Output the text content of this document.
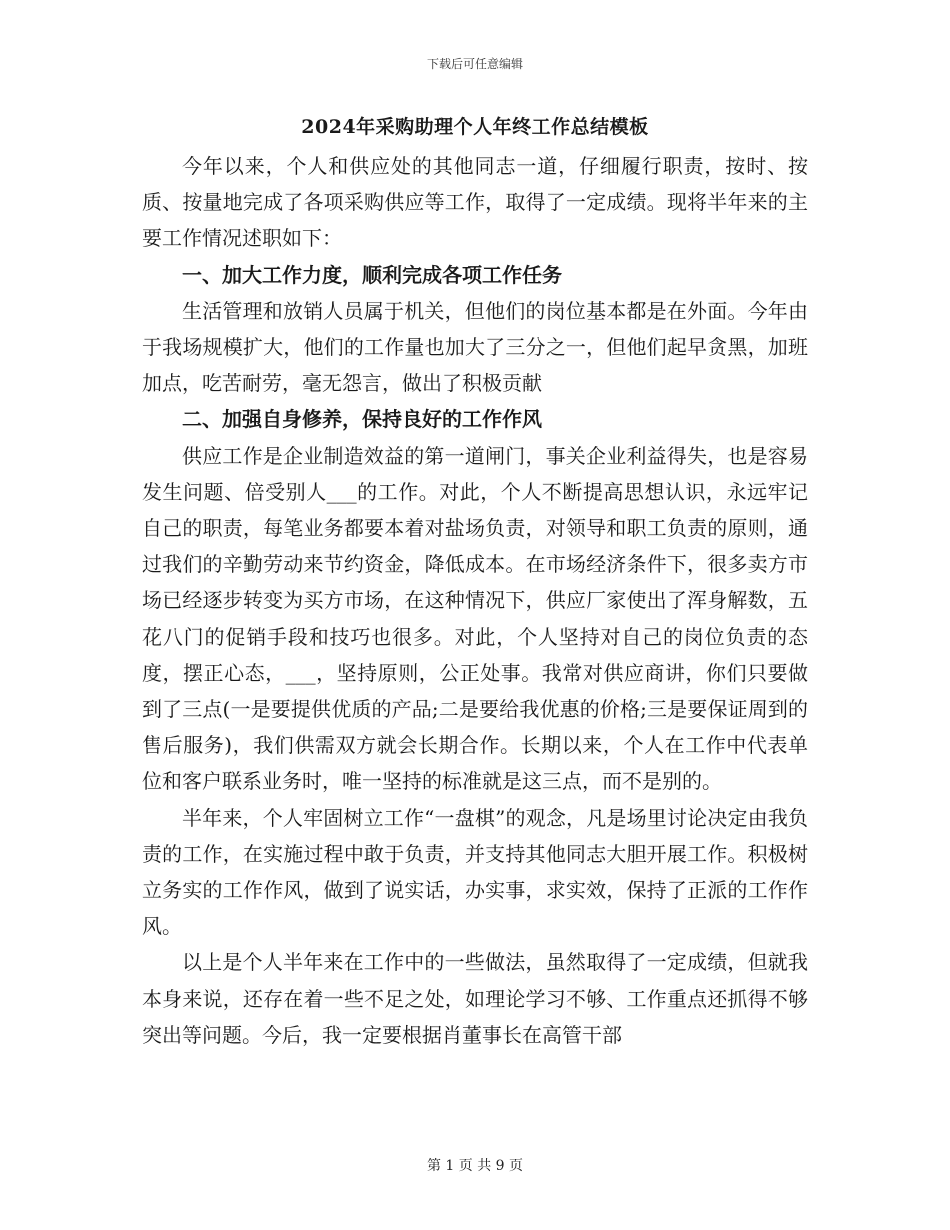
下载后可任意编辑
2024年采购助理个人年终工作总结模板

今年以来，个人和供应处的其他同志一道，仔细履行职责，按时、按质、按量地完成了各项采购供应等工作，取得了一定成绩。现将半年来的主要工作情况述职如下：

一、加大工作力度，顺利完成各项工作任务

生活管理和放销人员属于机关，但他们的岗位基本都是在外面。今年由于我场规模扩大，他们的工作量也加大了三分之一，但他们起早贪黑，加班加点，吃苦耐劳，毫无怨言，做出了积极贡献

二、加强自身修养，保持良好的工作作风

供应工作是企业制造效益的第一道闸门，事关企业利益得失，也是容易发生问题、倍受别人___的工作。对此，个人不断提高思想认识，永远牢记自己的职责，每笔业务都要本着对盐场负责，对领导和职工负责的原则，通过我们的辛勤劳动来节约资金，降低成本。在市场经济条件下，很多卖方市场已经逐步转变为买方市场，在这种情况下，供应厂家使出了浑身解数，五花八门的促销手段和技巧也很多。对此，个人坚持对自己的岗位负责的态度，摆正心态，___，坚持原则，公正处事。我常对供应商讲，你们只要做到了三点(一是要提供优质的产品;二是要给我优惠的价格;三是要保证周到的售后服务)，我们供需双方就会长期合作。长期以来，个人在工作中代表单位和客户联系业务时，唯一坚持的标准就是这三点，而不是别的。

半年来，个人牢固树立工作“一盘棋”的观念，凡是场里讨论决定由我负责的工作，在实施过程中敢于负责，并支持其他同志大胆开展工作。积极树立务实的工作作风，做到了说实话，办实事，求实效，保持了正派的工作作风。

以上是个人半年来在工作中的一些做法，虽然取得了一定成绩，但就我本身来说，还存在着一些不足之处，如理论学习不够、工作重点还抓得不够突出等问题。今后，我一定要根据肖董事长在高管干部

第 1 页 共 9 页
